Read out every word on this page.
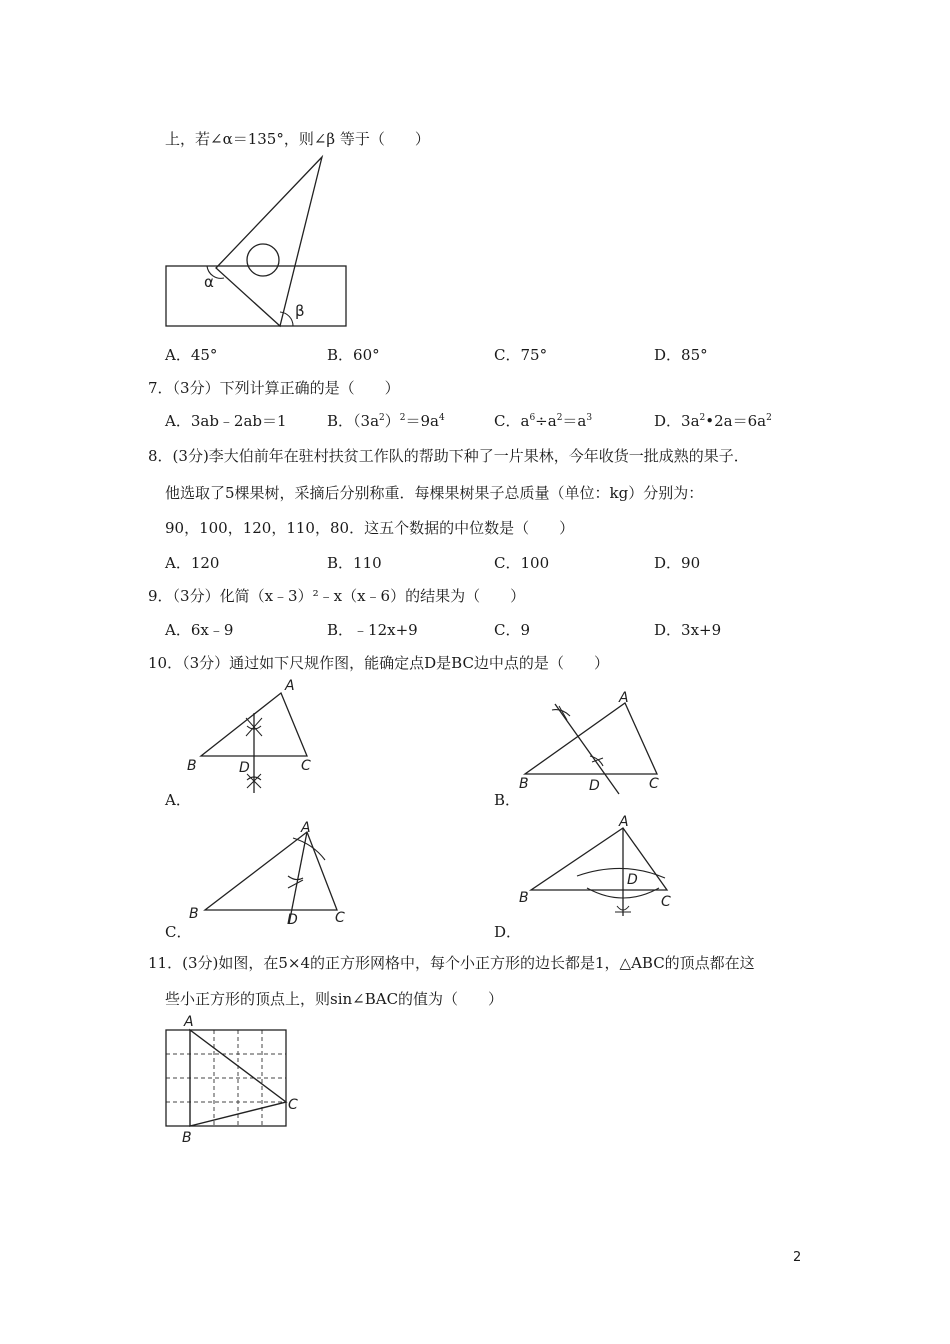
上，若∠α＝135°，则∠β 等于（　　）
α
β
A．45°	B．60°	C．75°	D．85°
7．（3分）下列计算正确的是（　　）
A．3ab﹣2ab＝1	B．$(3a^2)^2=9a^4$	C．$a^6\div a^2=a^3$	D．$3a^2•2a=6a^2$
8．(3分)李大伯前年在驻村扶贫工作队的帮助下种了一片果林，今年收货一批成熟的果子．
他选取了5棵果树，采摘后分别称重．每棵果树果子总质量（单位：kg）分别为：
90，100，120，110，80．这五个数据的中位数是（　　）
A．120	B．110	C．100	D．90
9．（3分）化简（x﹣3）²﹣x（x﹣6）的结果为（　　）
A．6x﹣9	B．﹣12x+9	C．9	D．3x+9
10．（3分）通过如下尺规作图，能确定点D是BC边中点的是（　　）
A
B	C
D
A．
A
B	C
D
B．
A
B	C
D
C．
A
B	C
D
D．
11．(3分)如图，在5×4的正方形网格中，每个小正方形的边长都是1，△ABC的顶点都在这
些小正方形的顶点上，则sin∠BAC的值为（　　）
A
B
C
2
